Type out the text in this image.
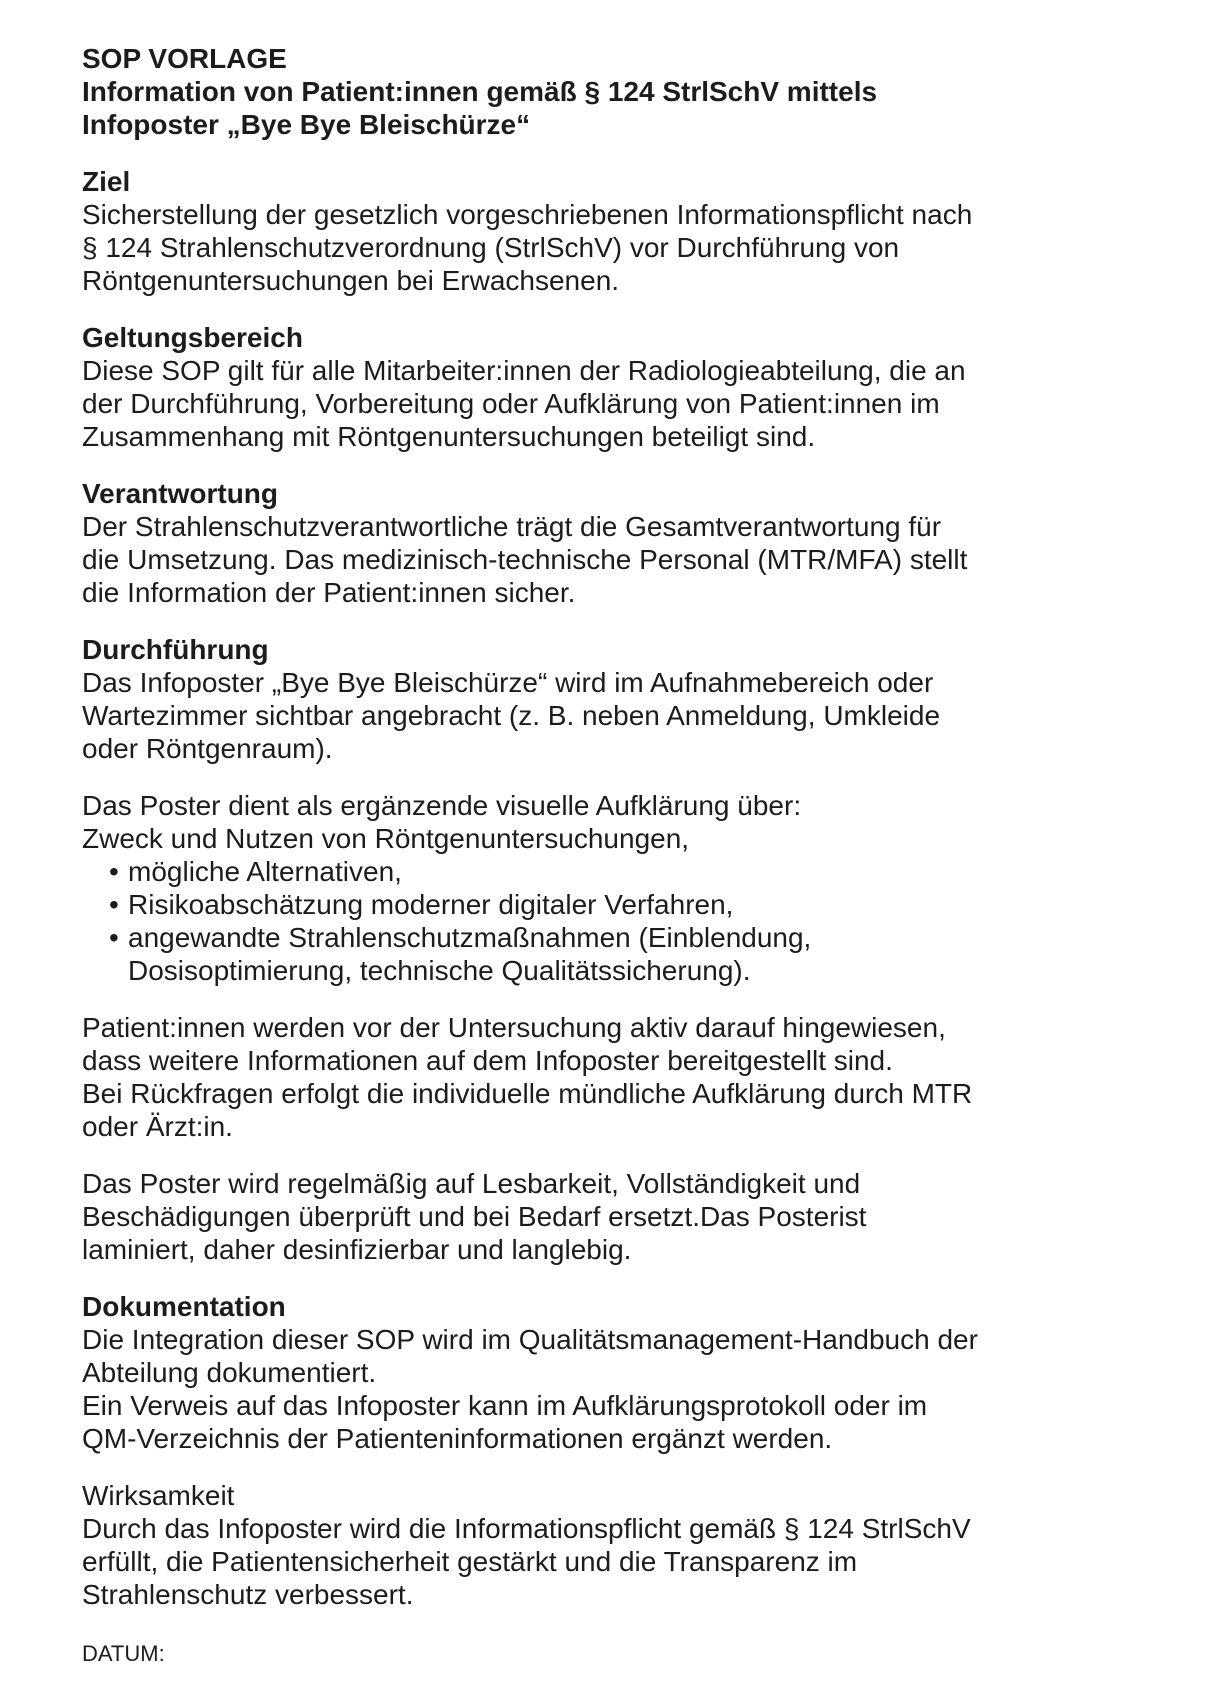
SOP VORLAGE
Information von Patient:innen gemäß § 124 StrlSchV mittels
Infoposter „Bye Bye Bleischürze“
Ziel
Sicherstellung der gesetzlich vorgeschriebenen Informationspflicht nach
§ 124 Strahlenschutzverordnung (StrlSchV) vor Durchführung von
Röntgenuntersuchungen bei Erwachsenen.
Geltungsbereich
Diese SOP gilt für alle Mitarbeiter:innen der Radiologieabteilung, die an
der Durchführung, Vorbereitung oder Aufklärung von Patient:innen im
Zusammenhang mit Röntgenuntersuchungen beteiligt sind.
Verantwortung
Der Strahlenschutzverantwortliche trägt die Gesamtverantwortung für
die Umsetzung. Das medizinisch-technische Personal (MTR/MFA) stellt
die Information der Patient:innen sicher.
Durchführung
Das Infoposter „Bye Bye Bleischürze“ wird im Aufnahmebereich oder
Wartezimmer sichtbar angebracht (z. B. neben Anmeldung, Umkleide
oder Röntgenraum).
Das Poster dient als ergänzende visuelle Aufklärung über:
Zweck und Nutzen von Röntgenuntersuchungen,
• mögliche Alternativen,
• Risikoabschätzung moderner digitaler Verfahren,
• angewandte Strahlenschutzmaßnahmen (Einblendung,
Dosisoptimierung, technische Qualitätssicherung).
Patient:innen werden vor der Untersuchung aktiv darauf hingewiesen,
dass weitere Informationen auf dem Infoposter bereitgestellt sind.
Bei Rückfragen erfolgt die individuelle mündliche Aufklärung durch MTR
oder Ärzt:in.
Das Poster wird regelmäßig auf Lesbarkeit, Vollständigkeit und
Beschädigungen überprüft und bei Bedarf ersetzt.Das Posterist
laminiert, daher desinfizierbar und langlebig.
Dokumentation
Die Integration dieser SOP wird im Qualitätsmanagement-Handbuch der
Abteilung dokumentiert.
Ein Verweis auf das Infoposter kann im Aufklärungsprotokoll oder im
QM-Verzeichnis der Patienteninformationen ergänzt werden.
Wirksamkeit
Durch das Infoposter wird die Informationspflicht gemäß § 124 StrlSchV
erfüllt, die Patientensicherheit gestärkt und die Transparenz im
Strahlenschutz verbessert.
DATUM:
